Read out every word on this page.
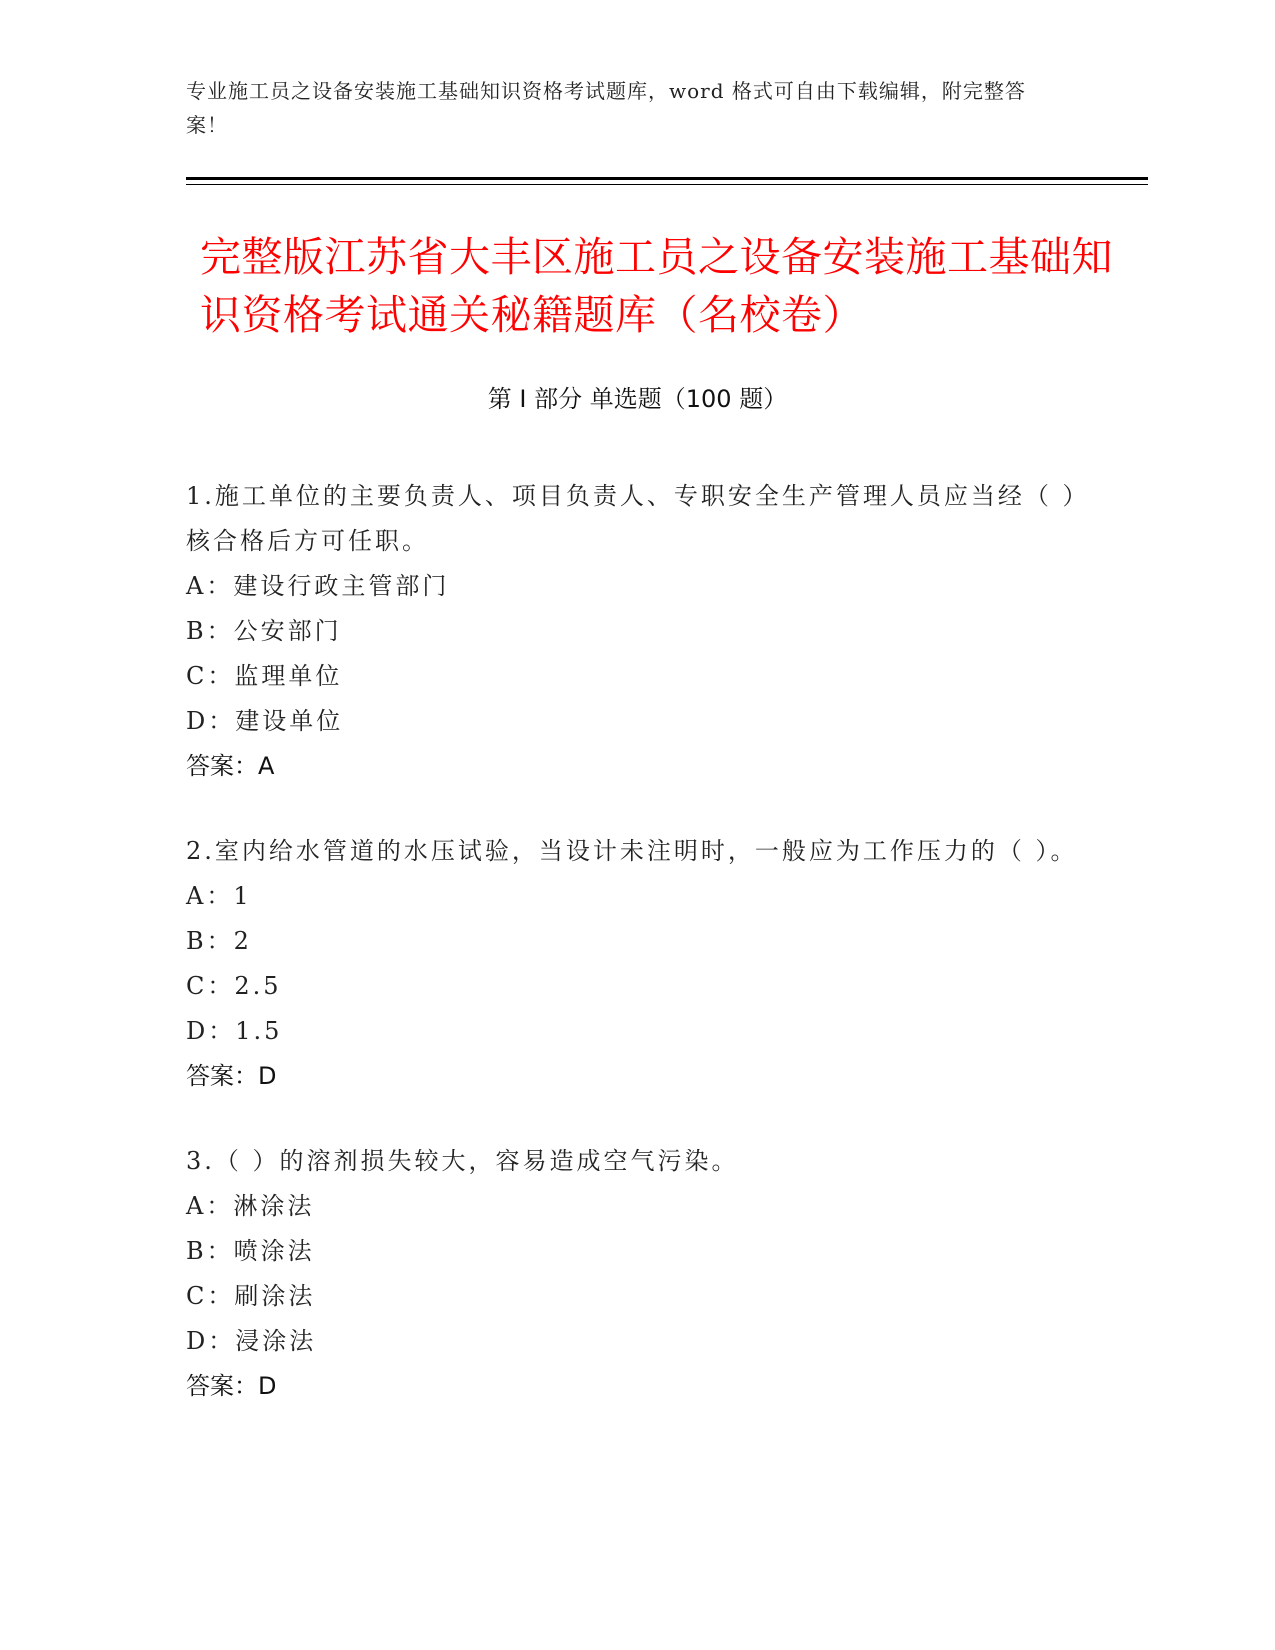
专业施工员之设备安装施工基础知识资格考试题库，word 格式可自由下载编辑，附完整答案！
完整版江苏省大丰区施工员之设备安装施工基础知识资格考试通关秘籍题库（名校卷）
第 I 部分 单选题（100 题）
1.施工单位的主要负责人、项目负责人、专职安全生产管理人员应当经（ ）核合格后方可任职。
A：建设行政主管部门
B：公安部门
C：监理单位
D：建设单位
答案：A
2.室内给水管道的水压试验，当设计未注明时，一般应为工作压力的（ ）。
A：1
B：2
C：2.5
D：1.5
答案：D
3.（ ）的溶剂损失较大，容易造成空气污染。
A：淋涂法
B：喷涂法
C：刷涂法
D：浸涂法
答案：D
